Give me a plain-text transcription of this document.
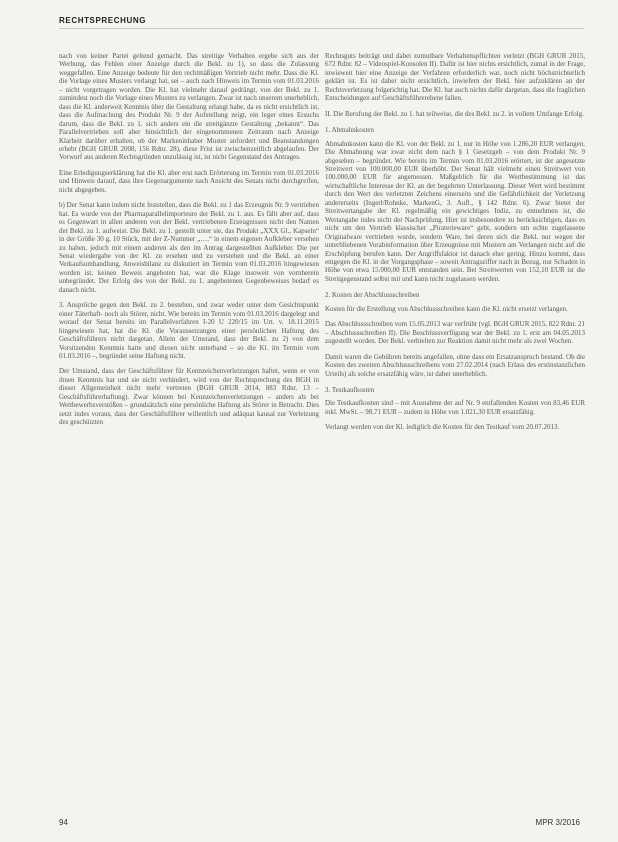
RECHTSPRECHUNG

nach von keiner Partei geltend gemacht. Das streitige Verhalten ergebe sich aus der Werbung, das Fehlen einer Anzeige durch die Bekl. zu 1), so dass die Zulassung weggefallen. Eine Anzeige bedeute für den rechtmäßigen Vertrieb nicht mehr. Dass die Kl. die Vorlage eines Musters verlangt hat, sei – auch nach Hinweis im Termin vom 01.03.2016 – nicht vorgetragen worden. Die Kl. hat vielmehr darauf gedrängt, von der Bekl. zu 1. zumindest noch die Vorlage eines Musters zu verlangen. Zwar ist nach unserem unerheblich, dass die Kl. anderweit Kenntnis über die Gestaltung erlangt habe, da es nicht ersichtlich ist, dass die Aufmachung des Produkt Nr. 9 der Aufstellung zeigt, ein leger eines Ersuchs darum, dass die Bekl. zu 1. sich anders ein die streitgänzte Gestaltung „bekannt“. Das Parallelvertrieben soll aber hinsichtlich der eingenommenen Zeitraum nach Anzeige Klarheit darüber erhalten, ob der Markeninhaber Muster anfordert und Beanstandungen erhebt (BGH GRUR 2008, 156 Rdnr. 28), diese Frist ist zwischenzeitlich abgelaufen. Der Vorwurf aus anderen Rechtsgründen unzulässig ist, ist nicht Gegenstand des Antrages.

Eine Erledigungserklärung hat die Kl. aber erst nach Erörterung im Termin vom 01.03.2016 und Hinweis darauf, dass ihre Gegenargumente nach Ansicht des Senats nicht durchgreifen, nicht abgegeben.

b) Der Senat kann indem nicht feststellen, dass die Bekl. zu 1 das Erzeugnis Nr. 9 vertrieben hat. Es wurde von der Pharmaparallelimporteure der Bekl. zu 1. aus. Es fällt aber auf, dass es Gegenwart in allen anderen von der Bekl. vertriebenen Erzeugnissen nicht den Namen der Bekl. zu 1. aufweist. Die Bekl. zu 1. gestellt unter sie, das Produkt „XXX Gl., Kapseln“ in der Größe 30 g, 10 Stück, mit der Z-Nummer „….“ in einem eigenen Aufkleber versehen zu haben, jedoch mit einem anderen als den im Antrag dargestellten Aufkleber. Die per Senat wiedergabe von der Kl. zu ersehen und zu verstehen und die Bekl. an einer Verkaufsumhandlung, Anweisbilanz zu diskutiert im Termin vom 01.03.2016 hingewiesen worden ist, keinen Beweis angeboten hat, war die Klage insoweit von vornherein unbegründet. Der Erfolg des von der Bekl. zu 1. angebotenen Gegenbeweises bedarf es danach nicht.

3. Ansprüche gegen den Bekl. zu 2. bestehen, und zwar weder unter dem Gesichtspunkt einer Täterhaft- noch als Störer, nicht. Wie bereits im Termin vom 01.03.2016 dargelegt und worauf der Senat bereits im Parallelverfahren I-20 U 220/15 im Urt. v. 18.11.2015 hingewiesen hat, hat die Kl. die Voraussetzungen einer persönlichen Haftung des Geschäftsführers nicht dargetan. Allein der Umstand, dass der Bekl. zu 2) von dem Vorsitzenden Kenntnis hatte und diesen nicht unterband – so die Kl. im Termin vom 01.03.2016 –, begründet seine Haftung nicht.

Der Umstand, dass der Geschäftsführer für Kennzeichenverletzungen haftet, wenn er von ihnen Kenntnis hat und sie nicht verhindert, wird von der Rechtsprechung des BGH in dieser Allgemeinheit nicht mehr vertreten (BGH GRUR 2014, 883 Rdnr. 13 – Geschäftsführerhaftung). Zwar können bei Kennzeichenverletzungen – anders als bei Wettbewerbsverstößen – grundsätzlich eine persönliche Haftung als Störer in Betracht. Dies setzt indes voraus, dass der Geschäftsführer willentlich und adäquat kausal zur Verletzung des geschützten

Rechtsguts beiträgt und dabei zumutbare Verhaltenspflichten verletzt (BGH GRUR 2015, 672 Rdnr. 82 – Videospiel-Konsolen II). Dafür ist hier nichts ersichtlich, zumal in der Frage, inwieweit hier eine Anzeige der Verfahren erforderlich war, noch nicht höchstrichterlich geklärt ist. Es ist daher nicht ersichtlich, inwiefern der Bekl. hier aufzuklären an der Rechtsverletzung folgerichtig hat. Die Kl. hat auch nichts dafür dargetan, dass die fraglichen Entscheidungen auf Geschäftsführerebene fallen.

II. Die Berufung der Bekl. zu 1. hat teilweise, die des Bekl. zu 2. in vollem Umfange Erfolg.

1. Abmahnkosten

Abmahnkosten kann die Kl. von der Bekl. zu 1. nur in Höhe von 1.286,20 EUR verlangen. Die Abmahnung war zwar nicht dem nach § 1 Gesetzgeb – von dem Produkt Nr. 9 abgesehen – begründet. Wie bereits im Termin vom 01.03.2016 erörtert, ist der angesetzte Streitwert von 100.000,00 EUR überhöht. Der Senat hält vielmehr einen Streitwert von 100.000,00 EUR für angemessen. Maßgeblich für die Wertbestimmung ist das wirtschaftliche Interesse der Kl. an der begehrten Unterlassung. Dieser Wert wird bestimmt durch den Wert des verletzten Zeichens einerseits und die Gefährlichkeit der Verletzung andererseits (Ingerl/Rohnke, MarkenG, 3. Aufl., § 142 Rdnr. 6). Zwar bietet der Streitwertangabe der Kl. regelmäßig ein gewichtiges Indiz, zu entnehmen ist, die Wertangabe indes nicht der Nachprüfung. Hier ist insbesondere zu berücksichtigen, dass es nicht um den Vertrieb klassischer „Piraterieware“ geht, sondern um echte zugelassene Originalware vertrieben wurde, sondern Ware, bei deren sich die Bekl. nur wegen der unterbliebenen Vorabinformation über Erzeugnisse mit Mustern am Verlangen nicht auf die Erschöpfung berufen kann. Der Angriffsfaktor ist danach eher gering. Hinzu kommt, dass entgegen die Kl. in der Vorgangsphase – soweit Antragsziffer nach in Bezug, nur Schaden in Höhe von etwa 15.000,00 EUR entstanden sein. Bei Streitwerten von 152,10 EUR ist die Streitgegenstand selbst mit und kann nicht zugelassen werden.

2. Kosten der Abschlussschreiben

Kosten für die Erstellung von Abschlussschreiben kann die Kl. nicht ersetzt verlangen.

Das Abschlussschreiben vom 15.05.2013 war verfrüht (vgl. BGH GRUR 2015, 822 Rdnr. 21 – Abschlussschreiben II). Die Beschlussverfügung war der Bekl. zu 1. erst am 04.05.2013 zugestellt worden. Der Bekl. verhielten zur Reaktion damit nicht mehr als zwei Wochen.

Damit waren die Gebühren bereits angefallen, ohne dass ein Ersatzanspruch bestand. Ob die Kosten des zweiten Abschlussschreibens vom 27.02.2014 (nach Erlass des erstinstanzlichen Urteils) als solche ersatzfähig wäre, ist daher unerheblich.

3. Testkaufkosten

Die Testkaufkosten sind – mit Ausnahme der auf Nr. 9 entfallenden Kosten von 83,46 EUR inkl. MwSt. – 98,71 EUR – zudem in Höhe von 1.021,30 EUR ersatzfähig.

Verlangt werden von der Kl. lediglich die Kosten für den Testkauf vom 20.07.2013.

94	MPR 3/2016
